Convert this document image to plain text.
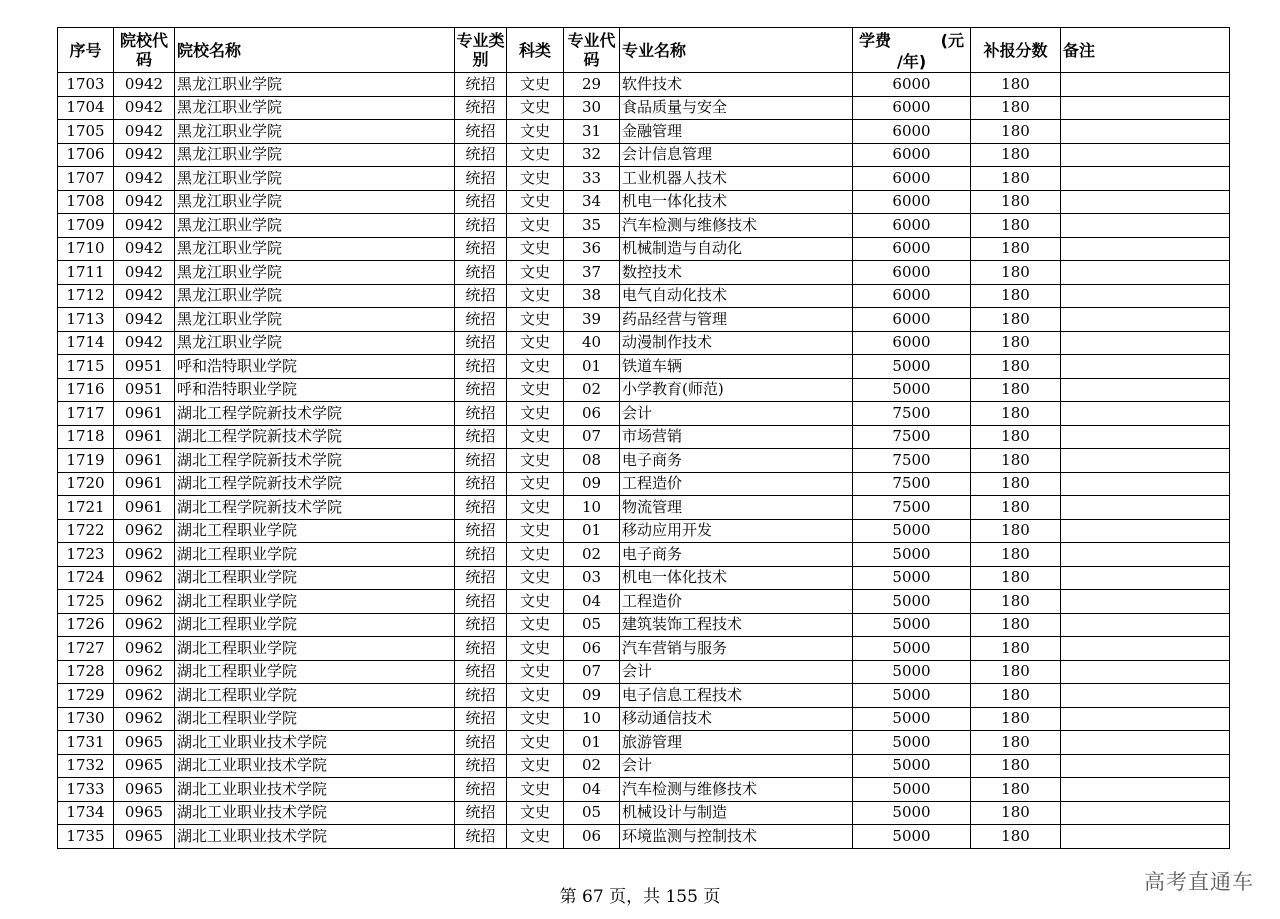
序号	院校代码	院校名称	专业类别	科类	专业代码	专业名称	学费 (元
/年)	补报分数	备注
1703	0942	黑龙江职业学院	统招	文史	29	软件技术	6000	180	
1704	0942	黑龙江职业学院	统招	文史	30	食品质量与安全	6000	180	
1705	0942	黑龙江职业学院	统招	文史	31	金融管理	6000	180	
1706	0942	黑龙江职业学院	统招	文史	32	会计信息管理	6000	180	
1707	0942	黑龙江职业学院	统招	文史	33	工业机器人技术	6000	180	
1708	0942	黑龙江职业学院	统招	文史	34	机电一体化技术	6000	180	
1709	0942	黑龙江职业学院	统招	文史	35	汽车检测与维修技术	6000	180	
1710	0942	黑龙江职业学院	统招	文史	36	机械制造与自动化	6000	180	
1711	0942	黑龙江职业学院	统招	文史	37	数控技术	6000	180	
1712	0942	黑龙江职业学院	统招	文史	38	电气自动化技术	6000	180	
1713	0942	黑龙江职业学院	统招	文史	39	药品经营与管理	6000	180	
1714	0942	黑龙江职业学院	统招	文史	40	动漫制作技术	6000	180	
1715	0951	呼和浩特职业学院	统招	文史	01	铁道车辆	5000	180	
1716	0951	呼和浩特职业学院	统招	文史	02	小学教育(师范)	5000	180	
1717	0961	湖北工程学院新技术学院	统招	文史	06	会计	7500	180	
1718	0961	湖北工程学院新技术学院	统招	文史	07	市场营销	7500	180	
1719	0961	湖北工程学院新技术学院	统招	文史	08	电子商务	7500	180	
1720	0961	湖北工程学院新技术学院	统招	文史	09	工程造价	7500	180	
1721	0961	湖北工程学院新技术学院	统招	文史	10	物流管理	7500	180	
1722	0962	湖北工程职业学院	统招	文史	01	移动应用开发	5000	180	
1723	0962	湖北工程职业学院	统招	文史	02	电子商务	5000	180	
1724	0962	湖北工程职业学院	统招	文史	03	机电一体化技术	5000	180	
1725	0962	湖北工程职业学院	统招	文史	04	工程造价	5000	180	
1726	0962	湖北工程职业学院	统招	文史	05	建筑装饰工程技术	5000	180	
1727	0962	湖北工程职业学院	统招	文史	06	汽车营销与服务	5000	180	
1728	0962	湖北工程职业学院	统招	文史	07	会计	5000	180	
1729	0962	湖北工程职业学院	统招	文史	09	电子信息工程技术	5000	180	
1730	0962	湖北工程职业学院	统招	文史	10	移动通信技术	5000	180	
1731	0965	湖北工业职业技术学院	统招	文史	01	旅游管理	5000	180	
1732	0965	湖北工业职业技术学院	统招	文史	02	会计	5000	180	
1733	0965	湖北工业职业技术学院	统招	文史	04	汽车检测与维修技术	5000	180	
1734	0965	湖北工业职业技术学院	统招	文史	05	机械设计与制造	5000	180	
1735	0965	湖北工业职业技术学院	统招	文史	06	环境监测与控制技术	5000	180	
第 67 页，共 155 页
高考直通车
